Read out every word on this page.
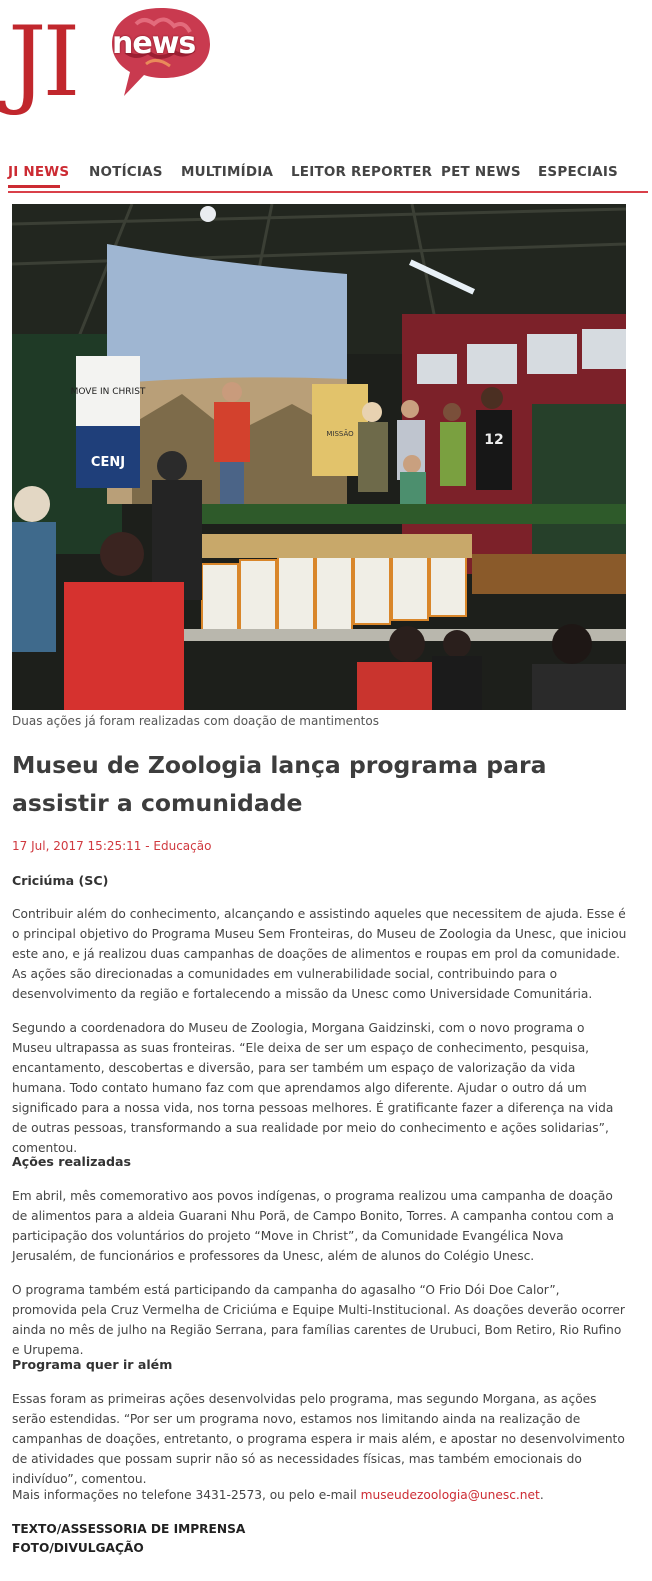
JI news
JI NEWS NOTÍCIAS MULTIMÍDIA LEITOR REPORTER PET NEWS ESPECIAIS
MOVE IN CHRIST
CENJ
MISSÃO	12
Duas ações já foram realizadas com doação de mantimentos
Museu de Zoologia lança programa para assistir a comunidade
17 Jul, 2017 15:25:11 - Educação

Criciúma (SC)

Contribuir além do conhecimento, alcançando e assistindo aqueles que necessitem de ajuda. Esse é o principal objetivo do Programa Museu Sem Fronteiras, do Museu de Zoologia da Unesc, que iniciou este ano, e já realizou duas campanhas de doações de alimentos e roupas em prol da comunidade. As ações são direcionadas a comunidades em vulnerabilidade social, contribuindo para o desenvolvimento da região e fortalecendo a missão da Unesc como Universidade Comunitária.

Segundo a coordenadora do Museu de Zoologia, Morgana Gaidzinski, com o novo programa o Museu ultrapassa as suas fronteiras. “Ele deixa de ser um espaço de conhecimento, pesquisa, encantamento, descobertas e diversão, para ser também um espaço de valorização da vida humana. Todo contato humano faz com que aprendamos algo diferente. Ajudar o outro dá um significado para a nossa vida, nos torna pessoas melhores. É gratificante fazer a diferença na vida de outras pessoas, transformando a sua realidade por meio do conhecimento e ações solidarias”, comentou.

Ações realizadas

Em abril, mês comemorativo aos povos indígenas, o programa realizou uma campanha de doação de alimentos para a aldeia Guarani Nhu Porã, de Campo Bonito, Torres. A campanha contou com a participação dos voluntários do projeto “Move in Christ”, da Comunidade Evangélica Nova Jerusalém, de funcionários e professores da Unesc, além de alunos do Colégio Unesc.

O programa também está participando da campanha do agasalho “O Frio Dói Doe Calor”, promovida pela Cruz Vermelha de Criciúma e Equipe Multi-Institucional. As doações deverão ocorrer ainda no mês de julho na Região Serrana, para famílias carentes de Urubuci, Bom Retiro, Rio Rufino e Urupema.

Programa quer ir além

Essas foram as primeiras ações desenvolvidas pelo programa, mas segundo Morgana, as ações serão estendidas. “Por ser um programa novo, estamos nos limitando ainda na realização de campanhas de doações, entretanto, o programa espera ir mais além, e apostar no desenvolvimento de atividades que possam suprir não só as necessidades físicas, mas também emocionais do indivíduo”, comentou.

Mais informações no telefone 3431-2573, ou pelo e-mail museudezoologia@unesc.net.

TEXTO/ASSESSORIA DE IMPRENSA

FOTO/DIVULGAÇÃO
